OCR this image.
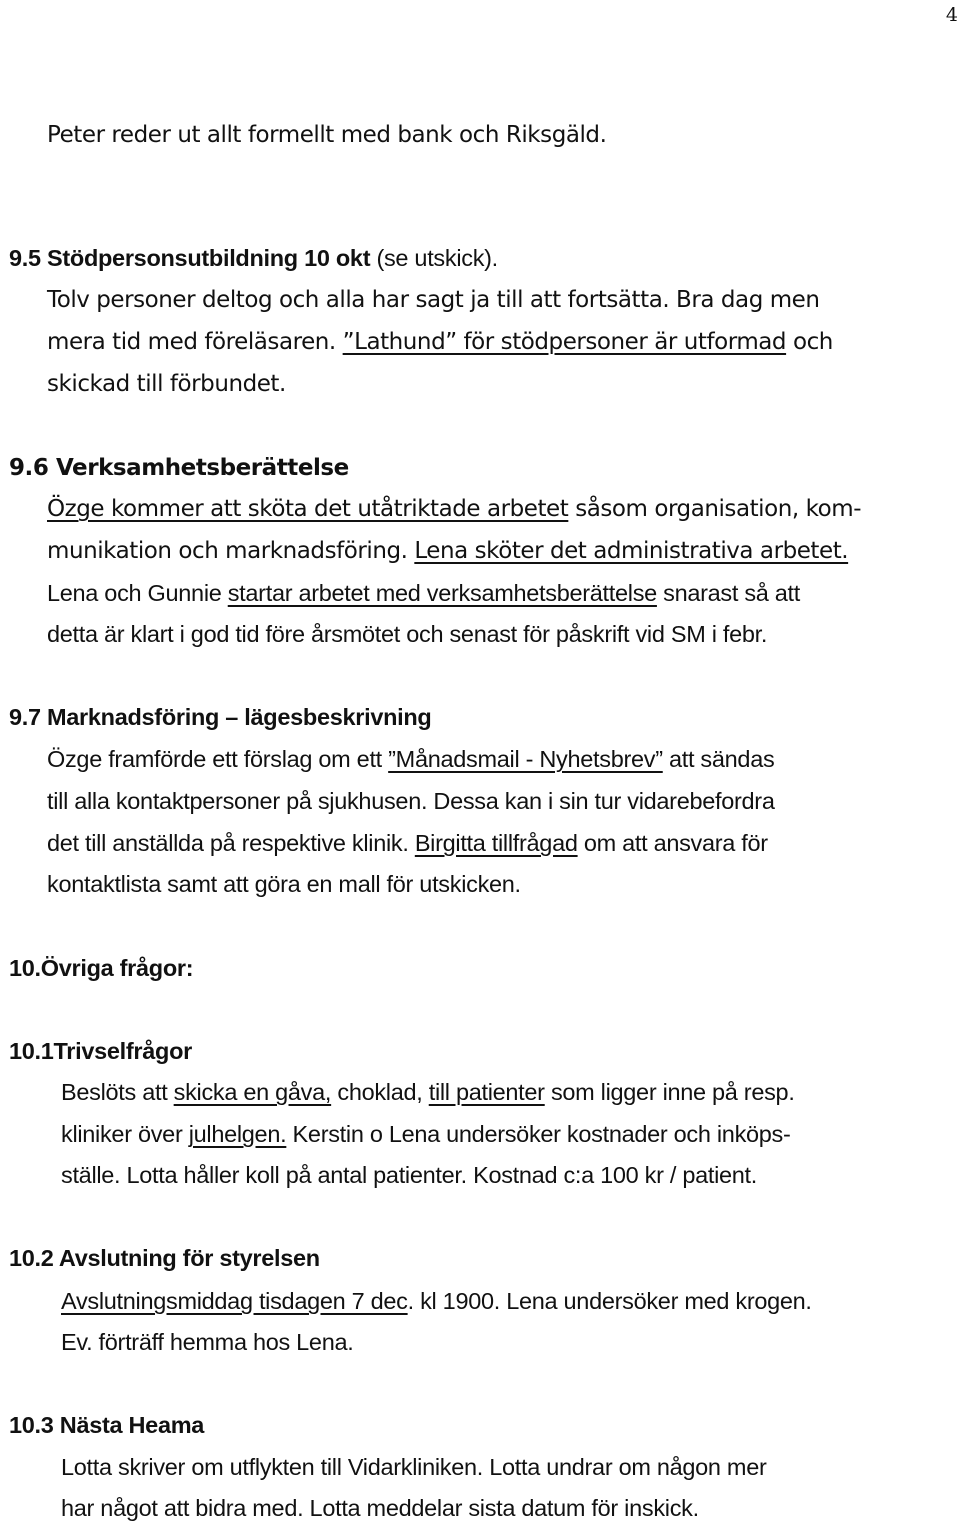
4
Peter reder ut allt formellt med bank och Riksgäld.
9.5 Stödpersonsutbildning 10 okt (se utskick).
Tolv personer deltog och alla har sagt ja till att fortsätta. Bra dag men
mera tid med föreläsaren. ”Lathund” för stödpersoner är utformad och
skickad till förbundet.
9.6 Verksamhetsberättelse
Özge kommer att sköta det utåtriktade arbetet såsom organisation, kom-
munikation och marknadsföring. Lena sköter det administrativa arbetet.
Lena och Gunnie startar arbetet med verksamhetsberättelse snarast så att
detta är klart i god tid före årsmötet och senast för påskrift vid SM i febr.
9.7 Marknadsföring – lägesbeskrivning
Özge framförde ett förslag om ett ”Månadsmail - Nyhetsbrev” att sändas
till alla kontaktpersoner på sjukhusen. Dessa kan i sin tur vidarebefordra
det till anställda på respektive klinik. Birgitta tillfrågad om att ansvara för
kontaktlista samt att göra en mall för utskicken.
10.Övriga frågor:
10.1Trivselfrågor
Beslöts att skicka en gåva, choklad, till patienter som ligger inne på resp.
kliniker över julhelgen. Kerstin o Lena undersöker kostnader och inköps-
ställe. Lotta håller koll på antal patienter. Kostnad c:a 100 kr / patient.
10.2 Avslutning för styrelsen
Avslutningsmiddag tisdagen 7 dec. kl 1900. Lena undersöker med krogen.
Ev. förträff hemma hos Lena.
10.3 Nästa Heama
Lotta skriver om utflykten till Vidarkliniken. Lotta undrar om någon mer
har något att bidra med. Lotta meddelar sista datum för inskick.
